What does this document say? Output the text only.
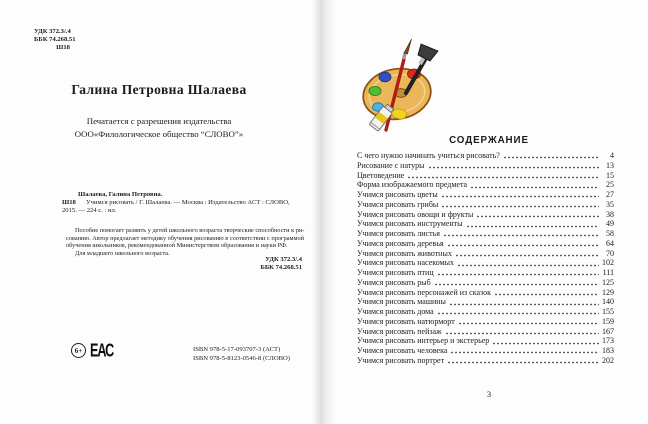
УДК 372.3/.4
ББК 74.268.51
Ш18
Галина Петровна Шалаева
Печатается с разрешения издательства
ООО«Филологическое общество “СЛОВО”»
Ш18
Шалаева, Галина Петровна.
Учимся рисовать / Г. Шалаева. — Москва : Издательство АСТ : СЛОВО,
2015. — 224 с. : ил.
Пособие помогает развить у детей школьного возраста творческие способности к ри-
сованию. Автор предлагает методику обучения рисованию в соответствии с программой
обучения школьников, рекомендованной Министерством образования и науки РФ.
Для младшего школьного возраста.
УДК 372.3/.4
ББК 74.268.51
6+ ЕАС	ISBN 978-5-17-093707-3 (АСТ)
ISBN 978-5-8123-0546-8 (СЛОВО)
СОДЕРЖАНИЕ
С чего нужно начинать учиться рисовать?	4
Рисование с натуры	13
Цветоведение	15
Форма изображаемого предмета	25
Учимся рисовать цветы	27
Учимся рисовать грибы	35
Учимся рисовать овощи и фрукты	38
Учимся рисовать инструменты	49
Учимся рисовать листья	58
Учимся рисовать деревья	64
Учимся рисовать животных	70
Учимся рисовать насекомых	102
Учимся рисовать птиц	111
Учимся рисовать рыб	125
Учимся рисовать персонажей из сказок	129
Учимся рисовать машины	140
Учимся рисовать дома	155
Учимся рисовать натюрморт	159
Учимся рисовать пейзаж	167
Учимся рисовать интерьер и экстерьер	173
Учимся рисовать человека	183
Учимся рисовать портрет	202
3
